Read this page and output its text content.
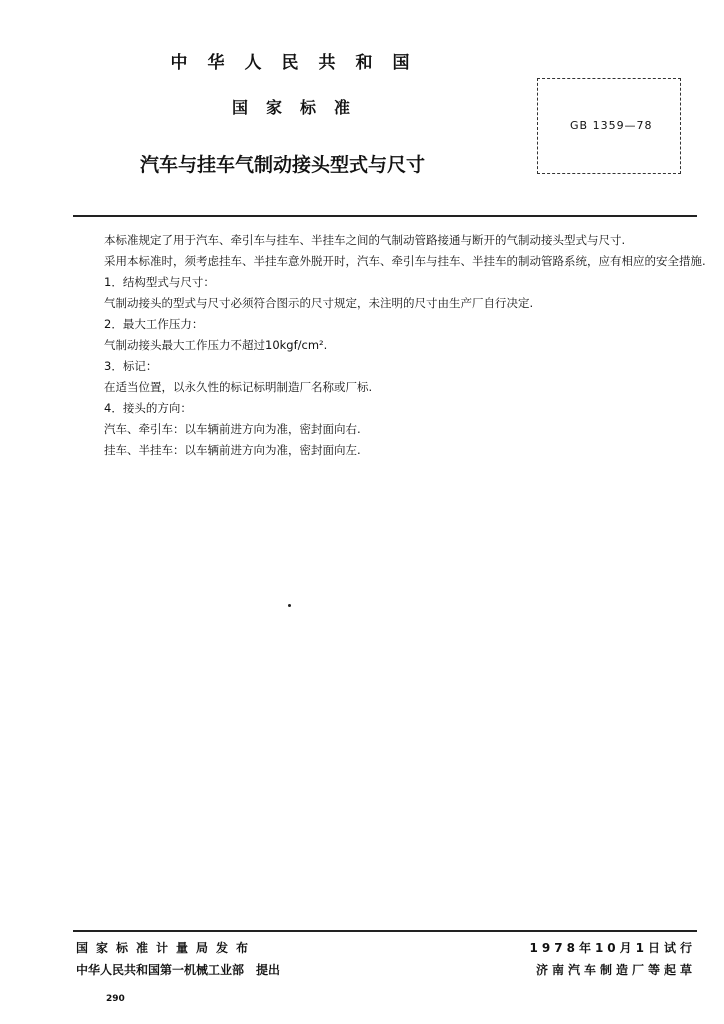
中华人民共和国
国家标准
汽车与挂车气制动接头型式与尺寸
GB 1359—78

本标准规定了用于汽车、牵引车与挂车、半挂车之间的气制动管路接通与断开的气制动接头型式与尺寸.

采用本标准时，须考虑挂车、半挂车意外脱开时，汽车、牵引车与挂车、半挂车的制动管路系统，应有相应的安全措施.

1．结构型式与尺寸：

气制动接头的型式与尺寸必须符合图示的尺寸规定，未注明的尺寸由生产厂自行决定.

2．最大工作压力：

气制动接头最大工作压力不超过10kgf/cm².

3．标记：

在适当位置，以永久性的标记标明制造厂名称或厂标.

4．接头的方向：

汽车、牵引车：以车辆前进方向为准，密封面向右.

挂车、半挂车：以车辆前进方向为准，密封面向左.

国家标准计量局发布
中华人民共和国第一机械工业部　提出
1978年10月1日试行
济南汽车制造厂等起草
290
